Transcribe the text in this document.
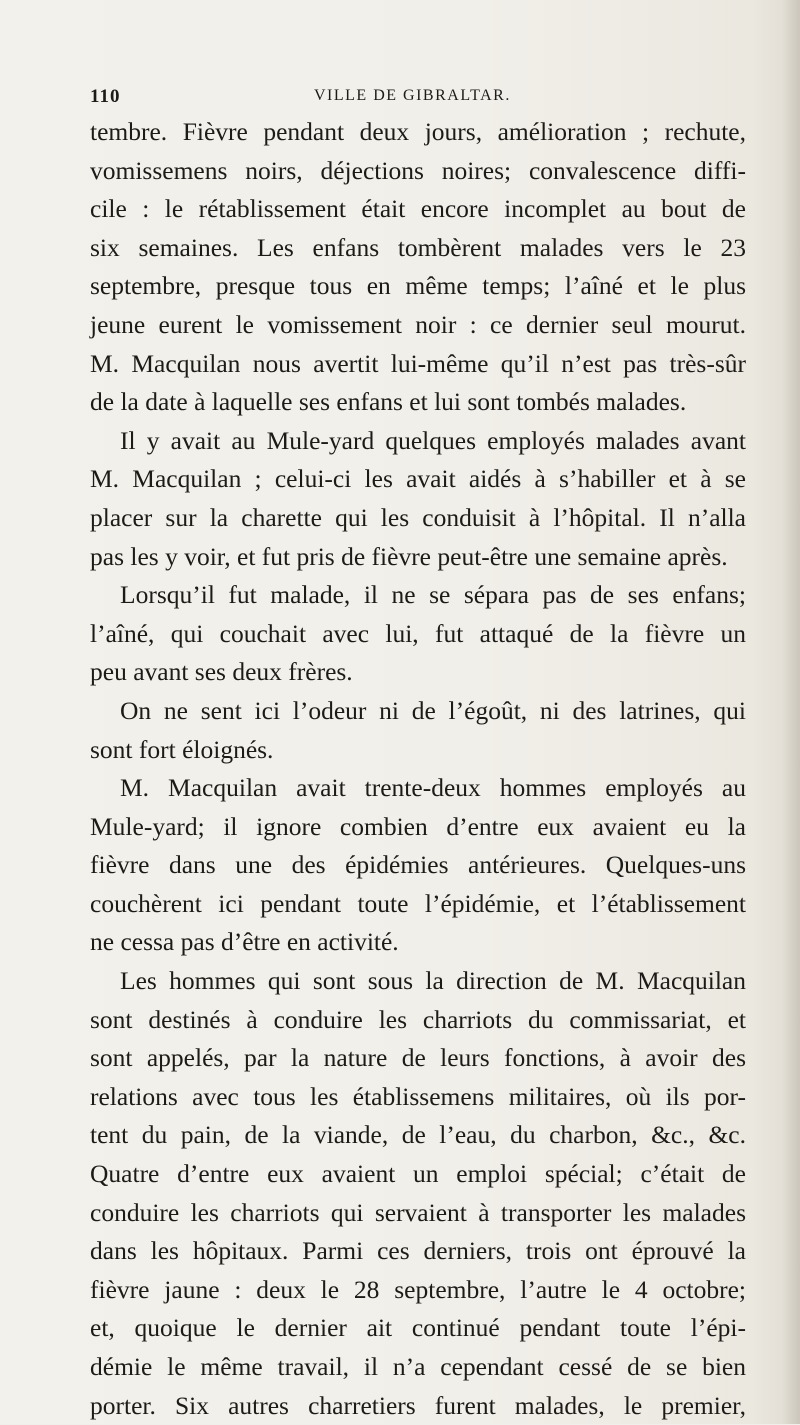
110	VILLE DE GIBRALTAR.
tembre. Fièvre pendant deux jours, amélioration ; rechute,
vomissemens noirs, déjections noires; convalescence diffi-
cile : le rétablissement était encore incomplet au bout de
six semaines. Les enfans tombèrent malades vers le 23
septembre, presque tous en même temps; l’aîné et le plus
jeune eurent le vomissement noir : ce dernier seul mourut.
M. Macquilan nous avertit lui-même qu’il n’est pas très-sûr
de la date à laquelle ses enfans et lui sont tombés malades.
Il y avait au Mule-yard quelques employés malades avant
M. Macquilan ; celui-ci les avait aidés à s’habiller et à se
placer sur la charette qui les conduisit à l’hôpital. Il n’alla
pas les y voir, et fut pris de fièvre peut-être une semaine après.
Lorsqu’il fut malade, il ne se sépara pas de ses enfans;
l’aîné, qui couchait avec lui, fut attaqué de la fièvre un
peu avant ses deux frères.
On ne sent ici l’odeur ni de l’égoût, ni des latrines, qui
sont fort éloignés.
M. Macquilan avait trente-deux hommes employés au
Mule-yard; il ignore combien d’entre eux avaient eu la
fièvre dans une des épidémies antérieures. Quelques-uns
couchèrent ici pendant toute l’épidémie, et l’établissement
ne cessa pas d’être en activité.
Les hommes qui sont sous la direction de M. Macquilan
sont destinés à conduire les charriots du commissariat, et
sont appelés, par la nature de leurs fonctions, à avoir des
relations avec tous les établissemens militaires, où ils por-
tent du pain, de la viande, de l’eau, du charbon, &c., &c.
Quatre d’entre eux avaient un emploi spécial; c’était de
conduire les charriots qui servaient à transporter les malades
dans les hôpitaux. Parmi ces derniers, trois ont éprouvé la
fièvre jaune : deux le 28 septembre, l’autre le 4 octobre;
et, quoique le dernier ait continué pendant toute l’épi-
démie le même travail, il n’a cependant cessé de se bien
porter. Six autres charretiers furent malades, le premier,
